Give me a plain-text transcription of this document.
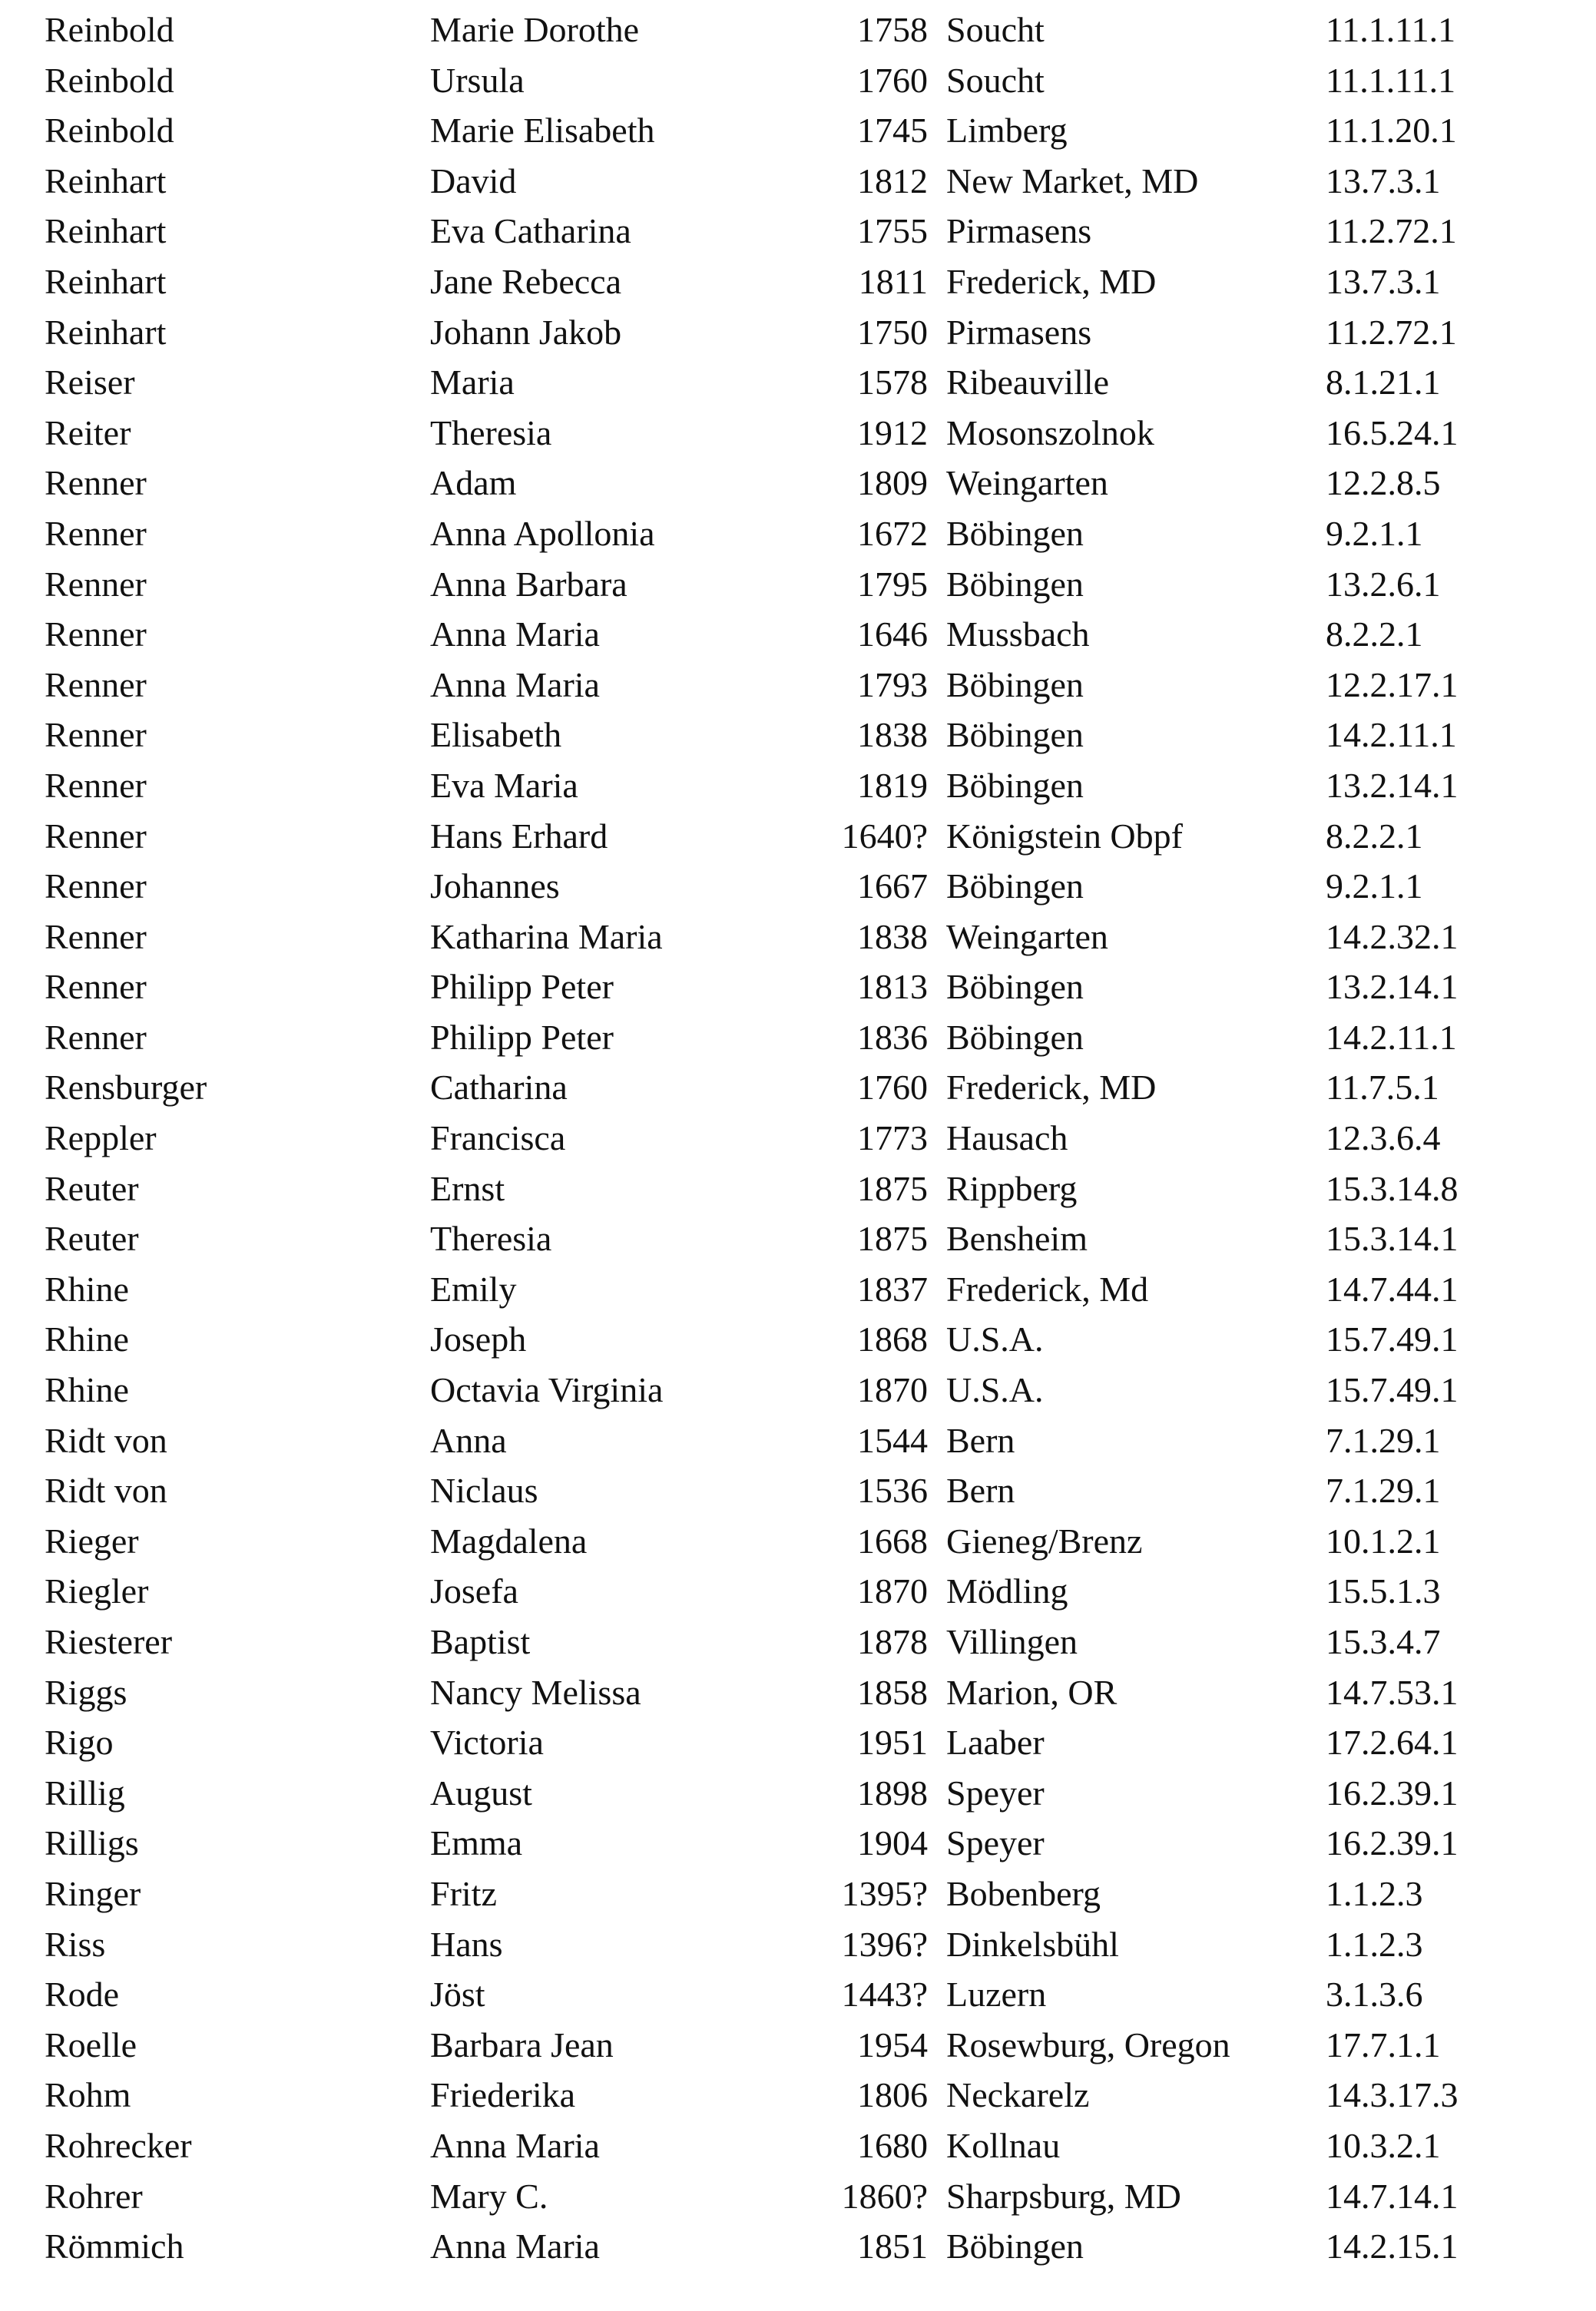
Reinbold	Marie Dorothe	1758 Soucht	11.1.11.1
Reinbold	Ursula	1760 Soucht	11.1.11.1
Reinbold	Marie Elisabeth	1745 Limberg	11.1.20.1
Reinhart	David	1812 New Market, MD	13.7.3.1
Reinhart	Eva Catharina	1755 Pirmasens	11.2.72.1
Reinhart	Jane Rebecca	1811 Frederick, MD	13.7.3.1
Reinhart	Johann Jakob	1750 Pirmasens	11.2.72.1
Reiser	Maria	1578 Ribeauville	8.1.21.1
Reiter	Theresia	1912 Mosonszolnok	16.5.24.1
Renner	Adam	1809 Weingarten	12.2.8.5
Renner	Anna Apollonia	1672 Böbingen	9.2.1.1
Renner	Anna Barbara	1795 Böbingen	13.2.6.1
Renner	Anna Maria	1646 Mussbach	8.2.2.1
Renner	Anna Maria	1793 Böbingen	12.2.17.1
Renner	Elisabeth	1838 Böbingen	14.2.11.1
Renner	Eva Maria	1819 Böbingen	13.2.14.1
Renner	Hans Erhard	1640? Königstein Obpf	8.2.2.1
Renner	Johannes	1667 Böbingen	9.2.1.1
Renner	Katharina Maria	1838 Weingarten	14.2.32.1
Renner	Philipp Peter	1813 Böbingen	13.2.14.1
Renner	Philipp Peter	1836 Böbingen	14.2.11.1
Rensburger	Catharina	1760 Frederick, MD	11.7.5.1
Reppler	Francisca	1773 Hausach	12.3.6.4
Reuter	Ernst	1875 Rippberg	15.3.14.8
Reuter	Theresia	1875 Bensheim	15.3.14.1
Rhine	Emily	1837 Frederick, Md	14.7.44.1
Rhine	Joseph	1868 U.S.A.	15.7.49.1
Rhine	Octavia Virginia	1870 U.S.A.	15.7.49.1
Ridt von	Anna	1544 Bern	7.1.29.1
Ridt von	Niclaus	1536 Bern	7.1.29.1
Rieger	Magdalena	1668 Gieneg/Brenz	10.1.2.1
Riegler	Josefa	1870 Mödling	15.5.1.3
Riesterer	Baptist	1878 Villingen	15.3.4.7
Riggs	Nancy Melissa	1858 Marion, OR	14.7.53.1
Rigo	Victoria	1951 Laaber	17.2.64.1
Rillig	August	1898 Speyer	16.2.39.1
Rilligs	Emma	1904 Speyer	16.2.39.1
Ringer	Fritz	1395? Bobenberg	1.1.2.3
Riss	Hans	1396? Dinkelsbühl	1.1.2.3
Rode	Jöst	1443? Luzern	3.1.3.6
Roelle	Barbara Jean	1954 Rosewburg, Oregon	17.7.1.1
Rohm	Friederika	1806 Neckarelz	14.3.17.3
Rohrecker	Anna Maria	1680 Kollnau	10.3.2.1
Rohrer	Mary C.	1860? Sharpsburg, MD	14.7.14.1
Römmich	Anna Maria	1851 Böbingen	14.2.15.1
